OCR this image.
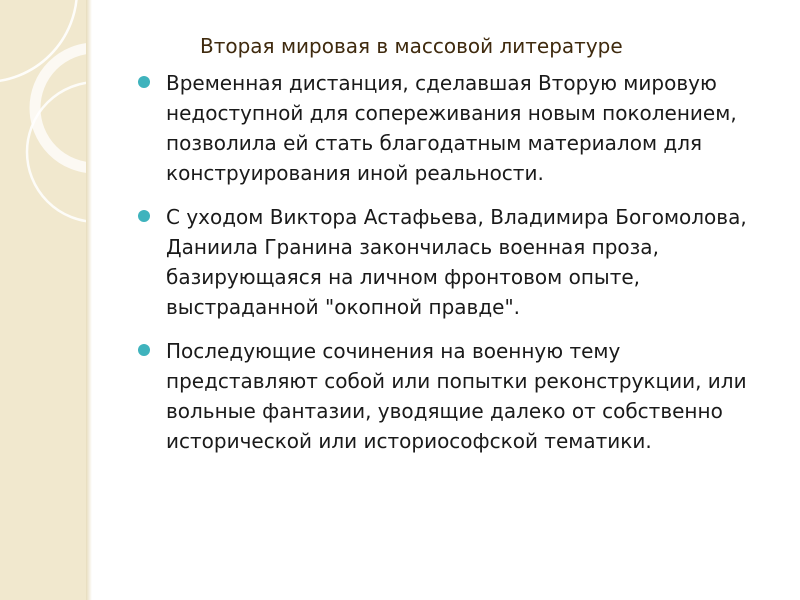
Вторая мировая в массовой литературе
Временная дистанция, сделавшая Вторую мировую недоступной для сопереживания новым поколением, позволила ей стать благодатным материалом для конструирования иной реальности.
С уходом Виктора Астафьева, Владимира Богомолова, Даниила Гранина закончилась военная проза, базирующаяся на личном фронтовом опыте, выстраданной "окопной правде".
Последующие сочинения на военную тему представляют собой или попытки реконструкции, или вольные фантазии, уводящие далеко от собственно исторической или историософской тематики.
